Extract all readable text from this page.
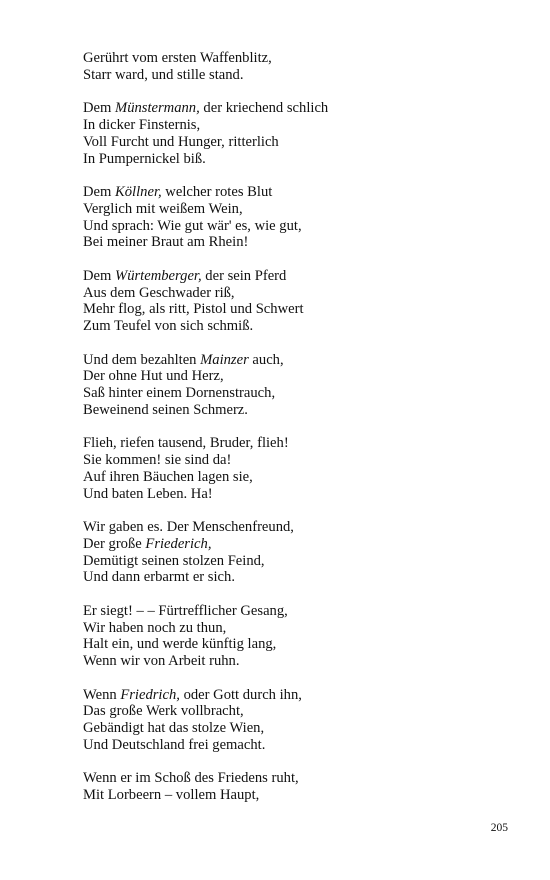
Gerührt vom ersten Waffenblitz,
Starr ward, und stille stand.
Dem Münstermann, der kriechend schlich
In dicker Finsternis,
Voll Furcht und Hunger, ritterlich
In Pumpernickel biß.
Dem Köllner, welcher rotes Blut
Verglich mit weißem Wein,
Und sprach: Wie gut wär' es, wie gut,
Bei meiner Braut am Rhein!
Dem Würtemberger, der sein Pferd
Aus dem Geschwader riß,
Mehr flog, als ritt, Pistol und Schwert
Zum Teufel von sich schmiß.
Und dem bezahlten Mainzer auch,
Der ohne Hut und Herz,
Saß hinter einem Dornenstrauch,
Beweinend seinen Schmerz.
Flieh, riefen tausend, Bruder, flieh!
Sie kommen! sie sind da!
Auf ihren Bäuchen lagen sie,
Und baten Leben. Ha!
Wir gaben es. Der Menschenfreund,
Der große Friederich,
Demütigt seinen stolzen Feind,
Und dann erbarmt er sich.
Er siegt! – – Fürtrefflicher Gesang,
Wir haben noch zu thun,
Halt ein, und werde künftig lang,
Wenn wir von Arbeit ruhn.
Wenn Friedrich, oder Gott durch ihn,
Das große Werk vollbracht,
Gebändigt hat das stolze Wien,
Und Deutschland frei gemacht.
Wenn er im Schoß des Friedens ruht,
Mit Lorbeern – vollem Haupt,
205
